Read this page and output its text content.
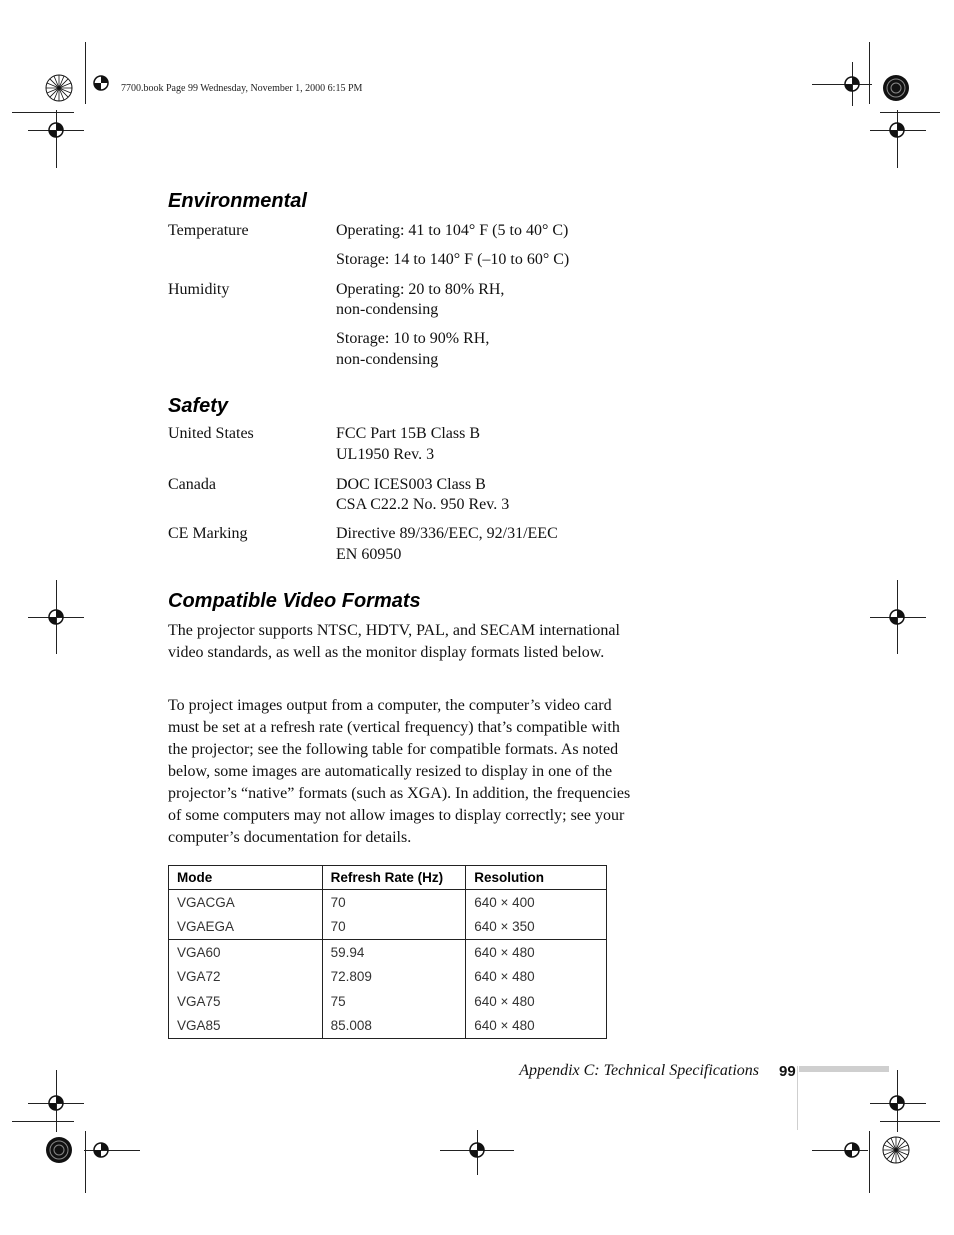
7700.book Page 99 Wednesday, November 1, 2000 6:15 PM
Environmental
Temperature	Operating: 41 to 104° F (5 to 40° C)
Storage: 14 to 140° F (–10 to 60° C)
Humidity	Operating: 20 to 80% RH,
non-condensing
Storage: 10 to 90% RH,
non-condensing
Safety
United States	FCC Part 15B Class B
UL1950 Rev. 3
Canada	DOC ICES003 Class B
CSA C22.2 No. 950 Rev. 3
CE Marking	Directive 89/336/EEC, 92/31/EEC
EN 60950
Compatible Video Formats

The projector supports NTSC, HDTV, PAL, and SECAM international video standards, as well as the monitor display formats listed below.

To project images output from a computer, the computer’s video card must be set at a refresh rate (vertical frequency) that’s compatible with the projector; see the following table for compatible formats. As noted below, some images are automatically resized to display in one of the projector’s “native” formats (such as XGA). In addition, the frequencies of some computers may not allow images to display correctly; see your computer’s documentation for details.

Mode	Refresh Rate (Hz)	Resolution
VGACGA	70	640 × 400
VGAEGA	70	640 × 350
VGA60	59.94	640 × 480
VGA72	72.809	640 × 480
VGA75	75	640 × 480
VGA85	85.008	640 × 480
Appendix C: Technical Specifications 99
